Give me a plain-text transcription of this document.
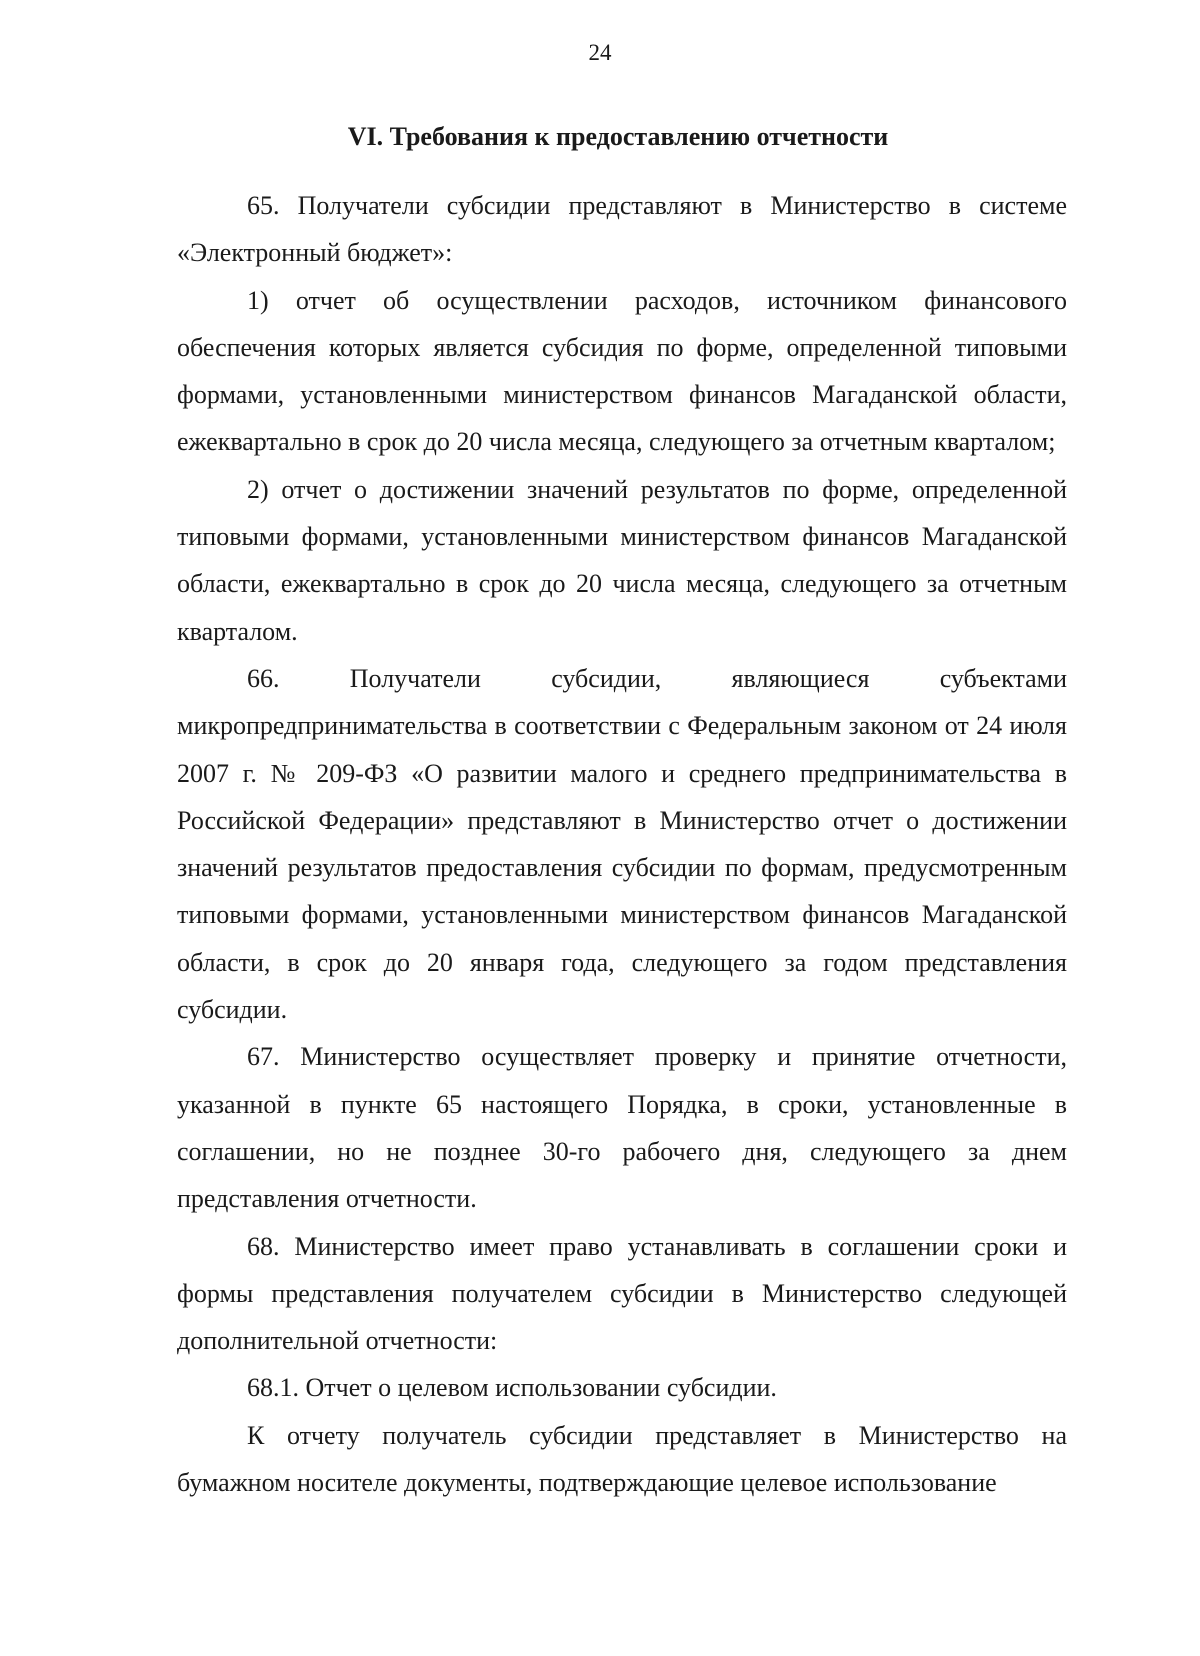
24
VI. Требования к предоставлению отчетности

65. Получатели субсидии представляют в Министерство в системе «Электронный бюджет»:

1) отчет об осуществлении расходов, источником финансового обеспечения которых является субсидия по форме, определенной типовыми формами, установленными министерством финансов Магаданской области, ежеквартально в срок до 20 числа месяца, следующего за отчетным кварталом;

2) отчет о достижении значений результатов по форме, определенной типовыми формами, установленными министерством финансов Магаданской области, ежеквартально в срок до 20 числа месяца, следующего за отчетным кварталом.

66. Получатели субсидии, являющиеся субъектами микропредпринимательства в соответствии с Федеральным законом от 24 июля 2007 г. № 209-ФЗ «О развитии малого и среднего предпринимательства в Российской Федерации» представляют в Министерство отчет о достижении значений результатов предоставления субсидии по формам, предусмотренным типовыми формами, установленными министерством финансов Магаданской области, в срок до 20 января года, следующего за годом представления субсидии.

67. Министерство осуществляет проверку и принятие отчетности, указанной в пункте 65 настоящего Порядка, в сроки, установленные в соглашении, но не позднее 30-го рабочего дня, следующего за днем представления отчетности.

68. Министерство имеет право устанавливать в соглашении сроки и формы представления получателем субсидии в Министерство следующей дополнительной отчетности:

68.1. Отчет о целевом использовании субсидии.

К отчету получатель субсидии представляет в Министерство на бумажном носителе документы, подтверждающие целевое использование
